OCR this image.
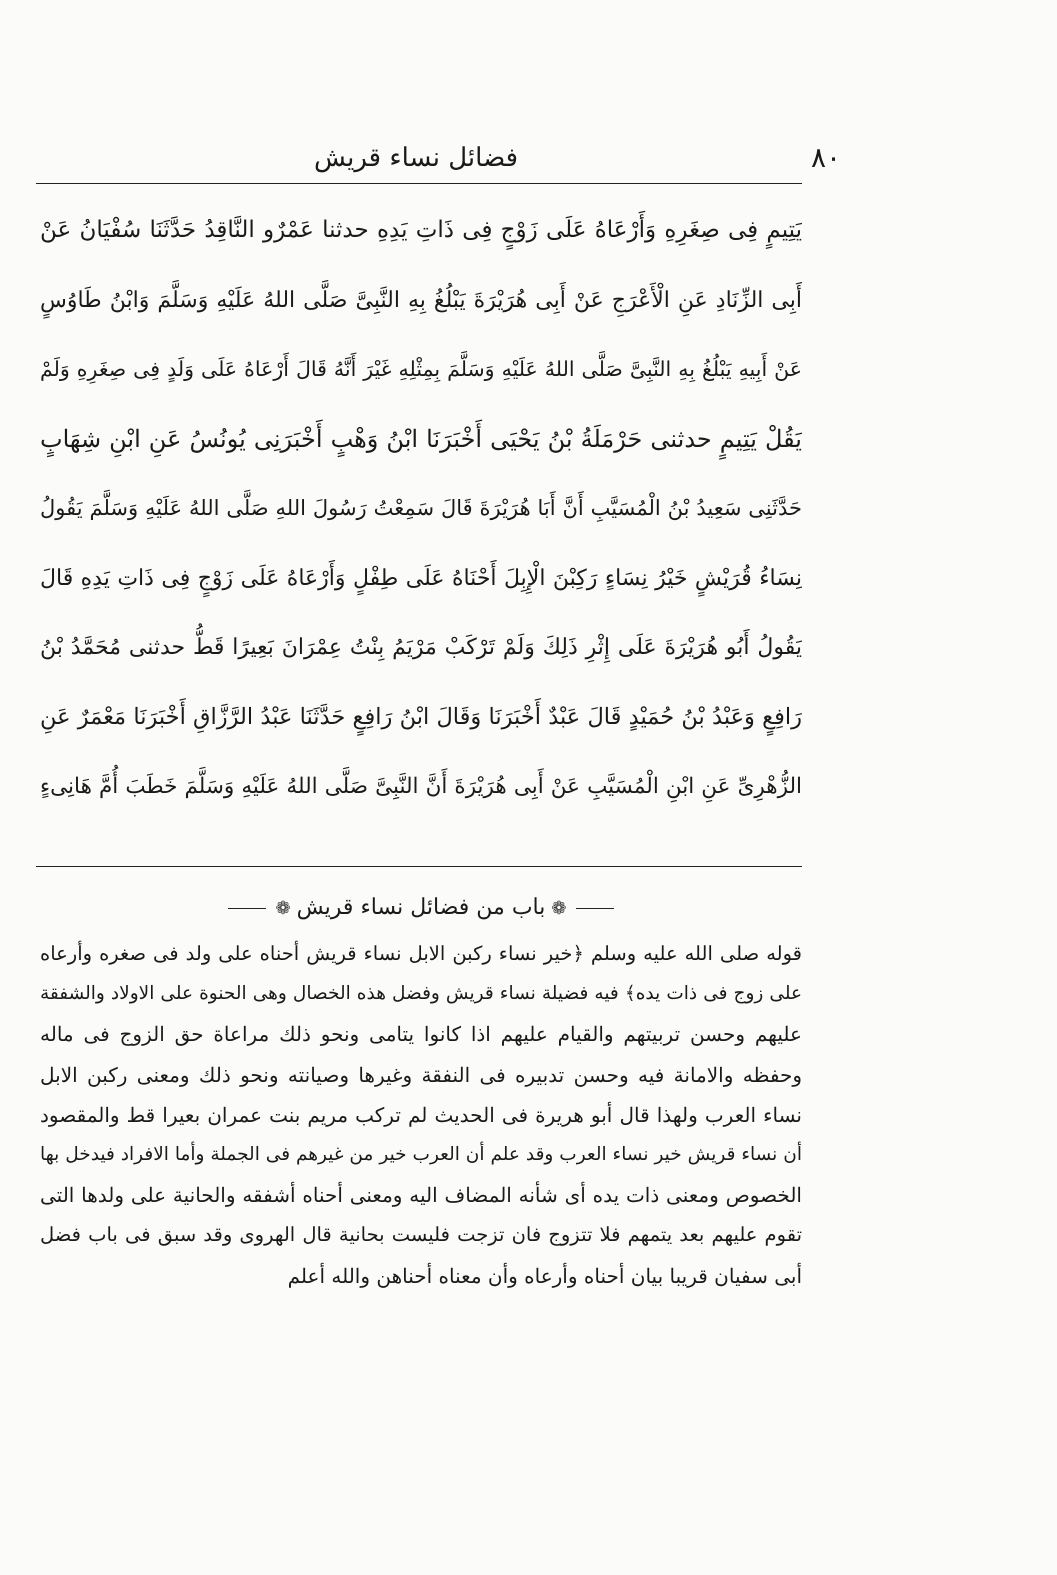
٨٠
فضائل نساء قريش
يَتِيمٍ فِى صِغَرِهِ وَأَرْعَاهُ عَلَى زَوْجٍ فِى ذَاتِ يَدِهِ حدثنا عَمْرٌو النَّاقِدُ حَدَّثَنَا سُفْيَانُ عَنْ
أَبِى الزِّنَادِ عَنِ الْأَعْرَجِ عَنْ أَبِى هُرَيْرَةَ يَبْلُغُ بِهِ النَّبِىَّ صَلَّى اللهُ عَلَيْهِ وَسَلَّمَ وَابْنُ طَاوُسٍ
عَنْ أَبِيهِ يَبْلُغُ بِهِ النَّبِىَّ صَلَّى اللهُ عَلَيْهِ وَسَلَّمَ بِمِثْلِهِ غَيْرَ أَنَّهُ قَالَ أَرْعَاهُ عَلَى وَلَدٍ فِى صِغَرِهِ وَلَمْ
يَقُلْ يَتِيمٍ حدثنى حَرْمَلَةُ بْنُ يَحْيَى أَخْبَرَنَا ابْنُ وَهْبٍ أَخْبَرَنِى يُونُسُ عَنِ ابْنِ شِهَابٍ
حَدَّثَنِى سَعِيدُ بْنُ الْمُسَيَّبِ أَنَّ أَبَا هُرَيْرَةَ قَالَ سَمِعْتُ رَسُولَ اللهِ صَلَّى اللهُ عَلَيْهِ وَسَلَّمَ يَقُولُ
نِسَاءُ قُرَيْشٍ خَيْرُ نِسَاءٍ رَكِبْنَ الْإِبِلَ أَحْنَاهُ عَلَى طِفْلٍ وَأَرْعَاهُ عَلَى زَوْجٍ فِى ذَاتِ يَدِهِ قَالَ
يَقُولُ أَبُو هُرَيْرَةَ عَلَى إِثْرِ ذَلِكَ وَلَمْ تَرْكَبْ مَرْيَمُ بِنْتُ عِمْرَانَ بَعِيرًا قَطُّ حدثنى مُحَمَّدُ بْنُ
رَافِعٍ وَعَبْدُ بْنُ حُمَيْدٍ قَالَ عَبْدٌ أَخْبَرَنَا وَقَالَ ابْنُ رَافِعٍ حَدَّثَنَا عَبْدُ الرَّزَّاقِ أَخْبَرَنَا مَعْمَرٌ عَنِ
الزُّهْرِىِّ عَنِ ابْنِ الْمُسَيَّبِ عَنْ أَبِى هُرَيْرَةَ أَنَّ النَّبِىَّ صَلَّى اللهُ عَلَيْهِ وَسَلَّمَ خَطَبَ أُمَّ هَانِىءٍ
❁باب من فضائل نساء قريش❁
قوله صلى الله عليه وسلم ﴿خير نساء ركبن الابل نساء قريش أحناه على ولد فى صغره وأرعاه
على زوج فى ذات يده﴾ فيه فضيلة نساء قريش وفضل هذه الخصال وهى الحنوة على الاولاد والشفقة
عليهم وحسن تربيتهم والقيام عليهم اذا كانوا يتامى ونحو ذلك مراعاة حق الزوج فى ماله
وحفظه والامانة فيه وحسن تدبيره فى النفقة وغيرها وصيانته ونحو ذلك ومعنى ركبن الابل
نساء العرب ولهذا قال أبو هريرة فى الحديث لم تركب مريم بنت عمران بعيرا قط والمقصود
أن نساء قريش خير نساء العرب وقد علم أن العرب خير من غيرهم فى الجملة وأما الافراد فيدخل بها
الخصوص ومعنى ذات يده أى شأنه المضاف اليه ومعنى أحناه أشفقه والحانية على ولدها التى
تقوم عليهم بعد يتمهم فلا تتزوج فان تزجت فليست بحانية قال الهروى وقد سبق فى باب فضل
أبى سفيان قريبا بيان أحناه وأرعاه وأن معناه أحناهن والله أعلم
